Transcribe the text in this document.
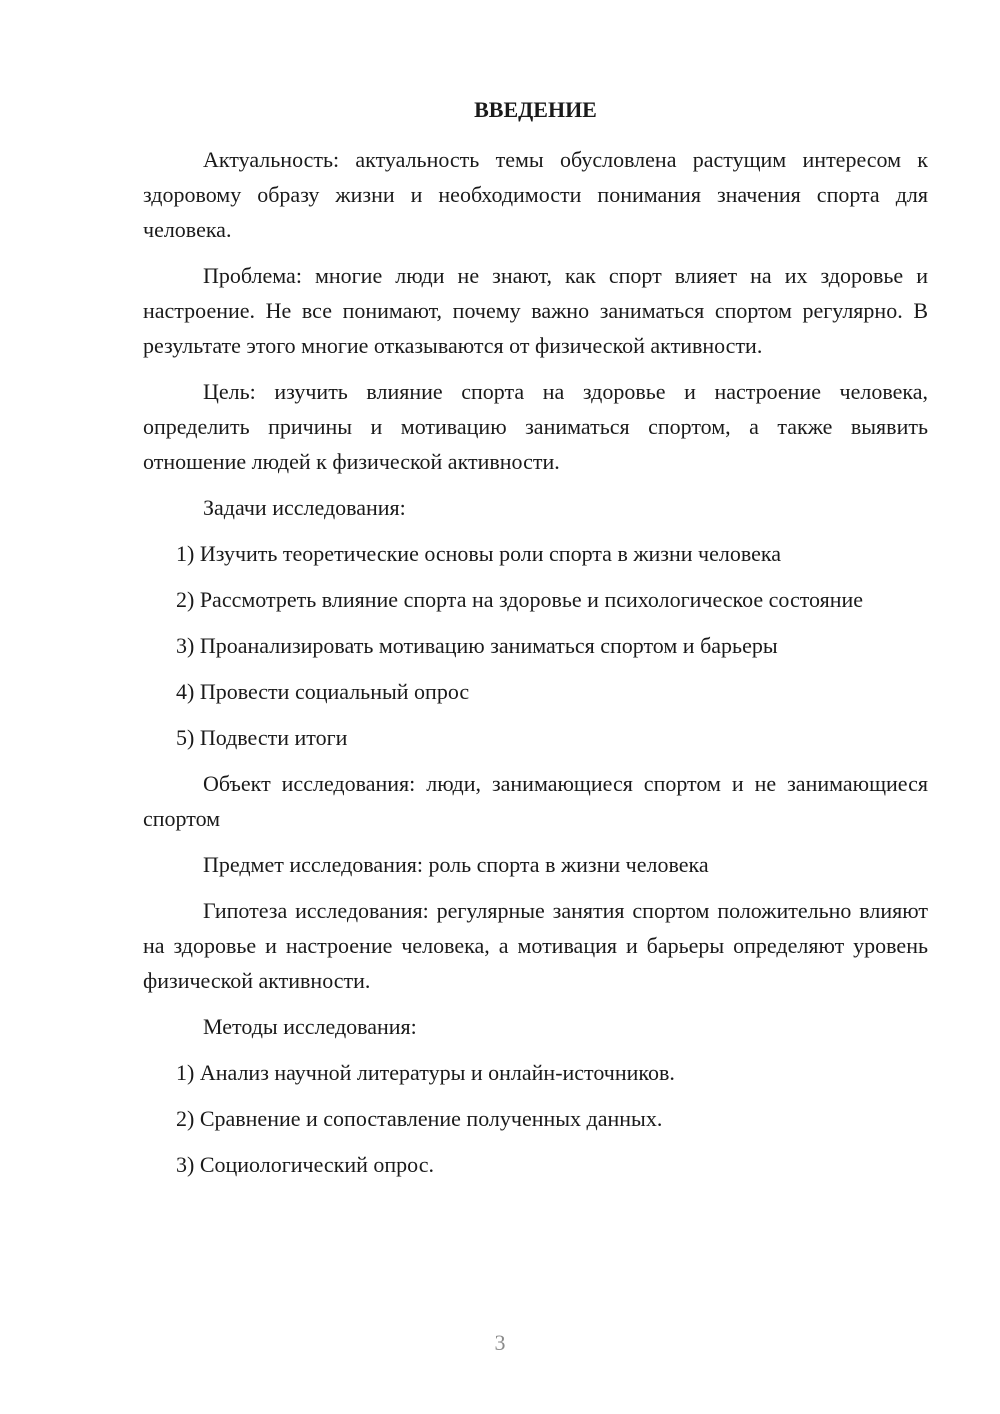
ВВЕДЕНИЕ

Актуальность: актуальность темы обусловлена растущим интересом к здоровому образу жизни и необходимости понимания значения спорта для человека.

Проблема: многие люди не знают, как спорт влияет на их здоровье и настроение. Не все понимают, почему важно заниматься спортом регулярно. В результате этого многие отказываются от физической активности.

Цель: изучить влияние спорта на здоровье и настроение человека, определить причины и мотивацию заниматься спортом, а также выявить отношение людей к физической активности.

Задачи исследования:

1) Изучить теоретические основы роли спорта в жизни человека

2) Рассмотреть влияние спорта на здоровье и психологическое состояние

3) Проанализировать мотивацию заниматься спортом и барьеры

4) Провести социальный опрос

5) Подвести итоги

Объект исследования: люди, занимающиеся спортом и не занимающиеся спортом

Предмет исследования: роль спорта в жизни человека

Гипотеза исследования: регулярные занятия спортом положительно влияют на здоровье и настроение человека, а мотивация и барьеры определяют уровень физической активности.

Методы исследования:

1) Анализ научной литературы и онлайн-источников.

2) Сравнение и сопоставление полученных данных.

3) Социологический опрос.

3
